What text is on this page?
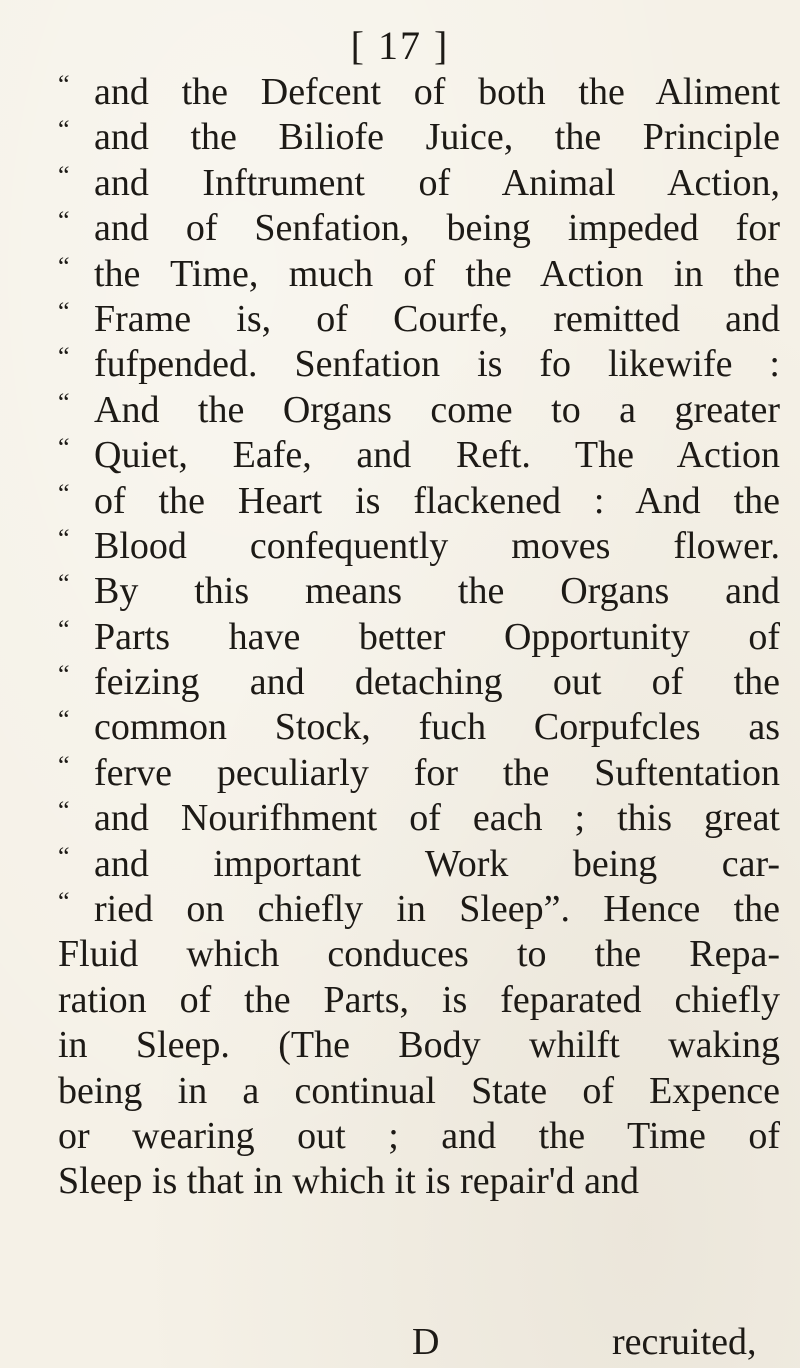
[ 17 ]
“ and the Defcent of both the Aliment
“ and the Biliofe Juice, the Principle
“ and Inftrument of Animal Action,
“ and of Senfation, being impeded for
“ the Time, much of the Action in the
“ Frame is, of Courfe, remitted and
“ fufpended. Senfation is fo likewife :
“ And the Organs come to a greater
“ Quiet, Eafe, and Reft. The Action
“ of the Heart is flackened : And the
“ Blood confequently moves flower.
“ By this means the Organs and
“ Parts have better Opportunity of
“ feizing and detaching out of the
“ common Stock, fuch Corpufcles as
“ ferve peculiarly for the Suftentation
“ and Nourifhment of each ; this great
“ and important Work being car-
“ ried on chiefly in Sleep”. Hence the
Fluid which conduces to the Repa-
ration of the Parts, is feparated chiefly
in Sleep. (The Body whilft waking
being in a continual State of Expence
or wearing out ; and the Time of
Sleep is that in which it is repair'd and
D	recruited,
